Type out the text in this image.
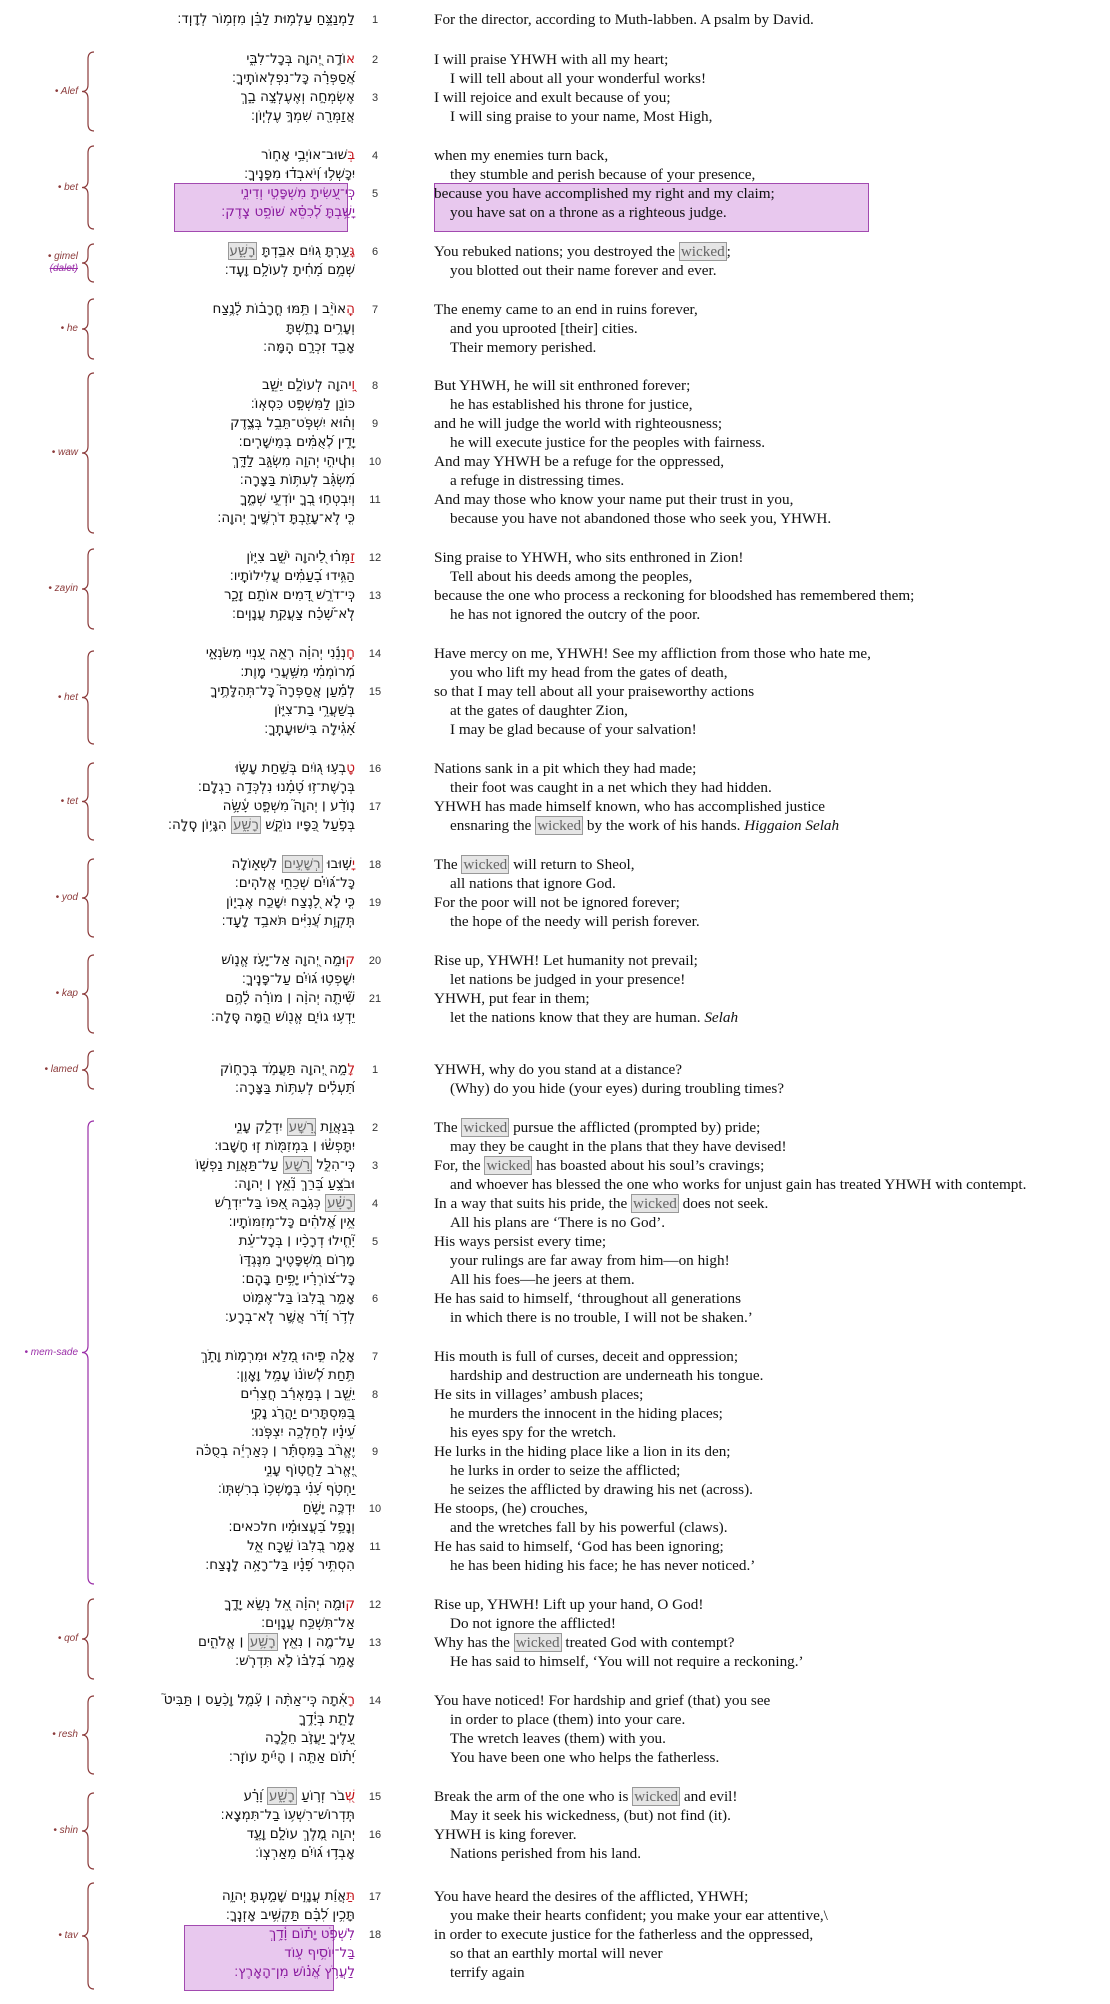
• Alef
• bet
• gimel
(dalet)
• he
• waw
• zayin
• het
• tet
• yod
• kap
• lamed
• mem-sade
• qof
• resh
• shin
• tav
לַמְנַצֵּ֥חַ עַלְמ֥וּת לַבֵּ֗ן מִזְמ֥וֹר לְדָוִֽד׃	1	For the director, according to Muth-labben. A psalm by David.
אוֹדֶ֣ה יְ֭הוָה בְּכָל־לִבִּ֑י	2	I will praise YHWH with all my heart;
אֲ֝סַפְּרָ֗ה כָּל־נִפְלְאוֹתֶֽיךָ׃	I will tell about all your wonderful works!
אֶשְׂמְחָ֣ה וְאֶעֶלְצָ֣ה בָ֑ךְ	3	I will rejoice and exult because of you;
אֲזַמְּרָ֖ה שִׁמְךָ֣ עֶלְיֽוֹן׃	I will sing praise to your name, Most High,
בְּשׁוּב־אוֹיְבַ֥י אָח֑וֹר	4	when my enemies turn back,
יִכָּשְׁל֥וּ וְ֝יֹאבְד֗וּ מִפָּנֶֽיךָ׃	they stumble and perish because of your presence,
כִּֽי־עָ֭שִׂיתָ מִשְׁפָּטִ֣י וְדִינִ֑י	5	because you have accomplished my right and my claim;
יָשַׁ֥בְתָּ לְ֝כִסֵּ֗א שׁוֹפֵ֥ט צֶֽדֶק׃	you have sat on a throne as a righteous judge.
גָּעַ֣רְתָּ ג֭וֹיִם אִבַּ֣דְתָּ רָשָׁ֑ע	6	You rebuked nations; you destroyed the wicked ;
שְׁמָ֥ם מָ֝חִ֗יתָ לְעוֹלָ֥ם וָעֶֽד׃	you blotted out their name forever and ever.
הָֽאוֹיֵ֨ב ׀ תַּ֥מּוּ חֳרָב֗וֹת לָ֫נֶ֥צַח	7	The enemy came to an end in ruins forever,
וְעָרִ֥ים נָתַ֑שְׁתָּ	and you uprooted [their] cities.
אָבַ֖ד זִכְרָ֣ם הֵֽמָּה׃	Their memory perished.
וַֽ֭יהוָה לְעוֹלָ֣ם יֵשֵׁ֑ב	8	But YHWH, he will sit enthroned forever;
כּוֹנֵ֖ן לַמִּשְׁפָּ֣ט כִּסְאֽוֹ׃	he has established his throne for justice,
וְה֗וּא יִשְׁפֹּֽט־תֵּבֵ֥ל בְּצֶ֑דֶק	9	and he will judge the world with righteousness;
יָדִ֥ין לְ֝אֻמִּ֗ים בְּמֵישָׁרִֽים׃	he will execute justice for the peoples with fairness.
וִփיהִ֣י יְהוָ֣ה מִשְׂגָּ֣ב לַדָּ֑ךְ	10	And may YHWH be a refuge for the oppressed,
מִ֝שְׂגָּ֗ב לְעִתּ֥וֹת בַּצָּרָֽה׃	a refuge in distressing times.
וְיִבְטְח֣וּ בְ֭ךָ יוֹדְעֵ֣י שְׁמֶ֑ךָ	11	And may those who know your name put their trust in you,
כִּ֤י לֹֽא־עָזַ֖בְתָּ דֹרְשֶׁ֣יךָ יְהוָֽה׃	because you have not abandoned those who seek you, YHWH.
זַמְּר֗וּ לַ֭יהוָה יֹשֵׁ֣ב צִיּ֑וֹן	12	Sing praise to YHWH, who sits enthroned in Zion!
הַגִּ֥ידוּ בָ֝עַמִּ֗ים עֲלִילוֹתָֽיו׃	Tell about his deeds among the peoples,
כִּֽי־דֹרֵ֣שׁ דָּ֭מִים אוֹתָ֣ם זָכָ֑ר	13	because the one who process a reckoning for bloodshed has remembered them;
לֹֽא־שָׁ֝כַ֗ח צַעֲקַ֥ת עֲנָוִֽים׃	he has not ignored the outcry of the poor.
חָֽנְנֵ֬נִי יְהוָ֗ה רְאֵ֣ה עָ֭נְיִי מִשֹּׂנְאָ֑י	14	Have mercy on me, YHWH! See my affliction from those who hate me,
מְ֝רוֹמְמִ֗י מִשַּׁ֥עֲרֵי מָֽוֶת׃	you who lift my head from the gates of death,
לְמַ֡עַן אֲסַפְּרָה֮ כָּֽל־תְּהִלָּתֶ֥יךָ	15	so that I may tell about all your praiseworthy actions
בְּשַׁעֲרֵ֥י בַת־צִיּ֑וֹן	at the gates of daughter Zion,
אָ֝גִ֗ילָה בִּישׁוּעָתֶֽךָ׃	I may be glad because of your salvation!
טָֽבְע֣וּ ג֭וֹיִם בְּשַׁ֣חַת עָשׂ֑וּ	16	Nations sank in a pit which they had made;
בְּרֶֽשֶׁת־ז֥וּ טָ֝מָ֗נוּ נִלְכְּדָ֥ה רַגְלָֽם׃	their foot was caught in a net which they had hidden.
נ֤וֹדַ֨ע ׀ יְהוָה֮ מִשְׁפָּ֪ט עָ֫שָׂ֥ה	17	YHWH has made himself known, who has accomplished justice
בְּפֹ֣עַל כַּ֭פָּיו נוֹקֵ֣שׁ רָשָׁ֑ע הִגָּי֥וֹן סֶֽלָה׃	ensnaring the wicked by the work of his hands. Higgaion Selah
יָשׁ֣וּבוּ רְשָׁעִ֣ים לִשְׁא֑וֹלָה	18	The wicked will return to Sheol,
כָּל־גּ֝וֹיִ֗ם שְׁכֵחֵ֥י אֱלֹהִֽים׃	all nations that ignore God.
כִּ֤י לֹ֣א לָ֭נֶצַח יִשָּׁכַ֣ח אֶבְי֑וֹן	19	For the poor will not be ignored forever;
תִּֽקְוַ֥ת עֲ֝נִיִּ֗ים תֹּאבַ֥ד לָעַֽד׃	the hope of the needy will perish forever.
קוּמָ֣ה יְ֭הוָה אַל־יָעֹ֣ז אֱנ֑וֹשׁ	20	Rise up, YHWH! Let humanity not prevail;
יִשָּׁפְט֥וּ ג֝וֹיִ֗ם עַל־פָּנֶֽיךָ׃	let nations be judged in your presence!
שִׁ֘יתָ֤ה יְהוָ֨ה ׀ מוֹרָ֗ה לָ֫הֶ֥ם	21	YHWH, put fear in them;
יֵדְע֥וּ גוֹיִ֑ם אֱנ֖וֹשׁ הֵ֣מָּה סֶּֽלָה׃	let the nations know that they are human. Selah
לָמָ֣ה יְ֭הוָה תַּעֲמֹ֣ד בְּרָח֑וֹק	1	YHWH, why do you stand at a distance?
תַּ֝עְלִ֗ים לְעִתּ֥וֹת בַּצָּרָֽה׃	(Why) do you hide (your eyes) during troubling times?
בְּגַאֲוַ֣ת רָ֭שָׁע יִדְלַ֣ק עָנִ֑י	2	The wicked pursue the afflicted (prompted by) pride;
יִתָּפְשׂ֓וּ ׀ בִּמְזִמּ֖וֹת זֽוּ חָשָֽׁבוּ׃	may they be caught in the plans that they have devised!
כִּֽי־הִלֵּ֣ל רָ֭שָׁע עַל־תַּאֲוַ֣ת נַפְשׁ֑וֹ	3	For, the wicked has boasted about his soul’s cravings;
וּבֹצֵ֥עַ בֵּ֝רֵךְ נִ֘אֵ֥ץ ׀ יְהוָֽה׃	and whoever has blessed the one who works for unjust gain has treated YHWH with contempt.
רָשָׁ֗ע כְּגֹ֣בַהּ אַ֭פּוֹ בַּל־יִדְרֹ֑שׁ	4	In a way that suits his pride, the wicked does not seek.
אֵ֥ין אֱ֝לֹהִ֗ים כָּל־מְזִמּוֹתָֽיו׃	All his plans are ‘There is no God’.
יָ֘חִ֤ילוּ דְרָכָ֨יו ׀ בְּכָל־עֵ֗ת	5	His ways persist every time;
מָר֣וֹם מִ֭שְׁפָּטֶיךָ מִנֶּגְדּ֑וֹ	your rulings are far away from him—on high!
כָּל־צ֝וֹרְרָ֗יו יָפִ֥יחַ בָּהֶֽם׃	All his foes—he jeers at them.
אָמַ֣ר בְּ֭לִבּוֹ בַּל־אֶמּ֑וֹט	6	He has said to himself, ‘throughout all generations
לְדֹ֥ר וָ֝דֹ֗ר אֲשֶׁ֣ר לֹֽא־בְרָֽע׃	in which there is no trouble, I will not be shaken.’
אָלָ֤ה פִּ֣יהוּ מָ֭לֵא וּמִרְמ֣וֹת וָתֹ֑ךְ	7	His mouth is full of curses, deceit and oppression;
תַּ֥חַת לְ֝שׁוֹנ֗וֹ עָמָ֥ל וָאָֽוֶן׃	hardship and destruction are underneath his tongue.
יֵשֵׁ֤ב ׀ בְּמַאְרַ֬ב חֲצֵרִ֗ים	8	He sits in villages’ ambush places;
בַּֽ֭מִּסְתָּרִים יַהֲרֹ֣ג נָקִ֑י	he murders the innocent in the hiding places;
עֵ֝ינָ֗יו לְחֵלְכָ֥ה יִצְפֹּֽנוּ׃	his eyes spy for the wretch.
יֶאֱרֹ֨ב בַּמִּסְתָּ֡ר ׀ כְּאַרְיֵ֬ה בְסֻכֹּ֗ה	9	He lurks in the hiding place like a lion in its den;
יֶ֭אֱרֹב לַחֲט֣וֹף עָנִ֑י	he lurks in order to seize the afflicted;
יַחְטֹ֥ף עָ֝נִ֗י בְּמָשְׁכ֥וֹ בְרִשְׁתּֽוֹ׃	he seizes the afflicted by drawing his net (across).
יִדְכֶּ֥ה יָשֹׁ֑חַ	10	He stoops, (he) crouches,
וְנָפַ֥ל בַּ֝עֲצוּמָ֗יו חלכאים׃	and the wretches fall by his powerful (claws).
אָמַ֣ר בְּ֭לִבּוֹ שָׁ֣כַֽח אֵ֑ל	11	He has said to himself, ‘God has been ignoring;
הִסְתִּ֥יר פָּ֝נָ֗יו בַּל־רָאָ֥ה לָנֶֽצַח׃	he has been hiding his face; he has never noticed.’
קוּמָ֤ה יְהוָ֗ה אֵ֭ל נְשָׂ֣א יָדֶ֑ךָ	12	Rise up, YHWH! Lift up your hand, O God!
אַל־תִּשְׁכַּ֥ח עֲנָוִֽים׃	Do not ignore the afflicted!
עַל־מֶ֤ה ׀ נִאֵ֖ץ רָשָׁ֥ע ׀ אֱלֹהִ֑ים	13	Why has the wicked treated God with contempt?
אָמַ֥ר בְּ֝לִבּ֗וֹ לֹ֣א תִּדְרֹֽשׁ׃	He has said to himself, ‘You will not require a reckoning.’
רָאִ֡תָה כִּֽי־אַתָּ֨ה ׀ עָ֘מָ֤ל וָכַ֨עַס ׀ תַּבִּיט֮	14	You have noticed! For hardship and grief (that) you see
לָתֵ֪ת בְּיָ֫דֶ֥ךָ	in order to place (them) into your care.
עָ֭לֶיךָ יַעֲזֹ֣ב חֵלֶ֑כָה	The wretch leaves (them) with you.
יָ֝ת֗וֹם אַתָּ֤ה ׀ הָיִ֬יתָ עוֹזֵֽר׃	You have been one who helps the fatherless.
שְׁ֭בֹר זְר֣וֹעַ רָשָׁ֑ע וָ֝רָ֗ע	15	Break the arm of the one who is wicked and evil!
תִּֽדְרוֹשׁ־רִשְׁע֥וֹ בַל־תִּמְצָֽא׃	May it seek his wickedness, (but) not find (it).
יְהוָ֣ה מֶ֭לֶךְ עוֹלָ֣ם וָעֶ֑ד	16	YHWH is king forever.
אָבְד֥וּ ג֝וֹיִ֗ם מֵאַרְצֽוֹ׃	Nations perished from his land.
תַּאֲוַ֬ת עֲנָוִ֣ים שָׁמַ֣עְתָּ יְהוָ֑ה	17	You have heard the desires of the afflicted, YHWH;
תָּכִ֥ין לִ֝בָּ֗ם תַּקְשִׁ֥יב אָזְנֶֽךָ׃	you make their hearts confident; you make your ear attentive,\
לִשְׁפֹּ֥ט יָת֗וֹם וָ֫דָ֥ךְ	18	in order to execute justice for the fatherless and the oppressed,
בַּל־יוֹסִ֥יף ע֑וֹד	so that an earthly mortal will never
לַעֲרֹ֥ץ אֱ֝נ֗וֹשׁ מִן־הָאָֽרֶץ׃	terrify again
